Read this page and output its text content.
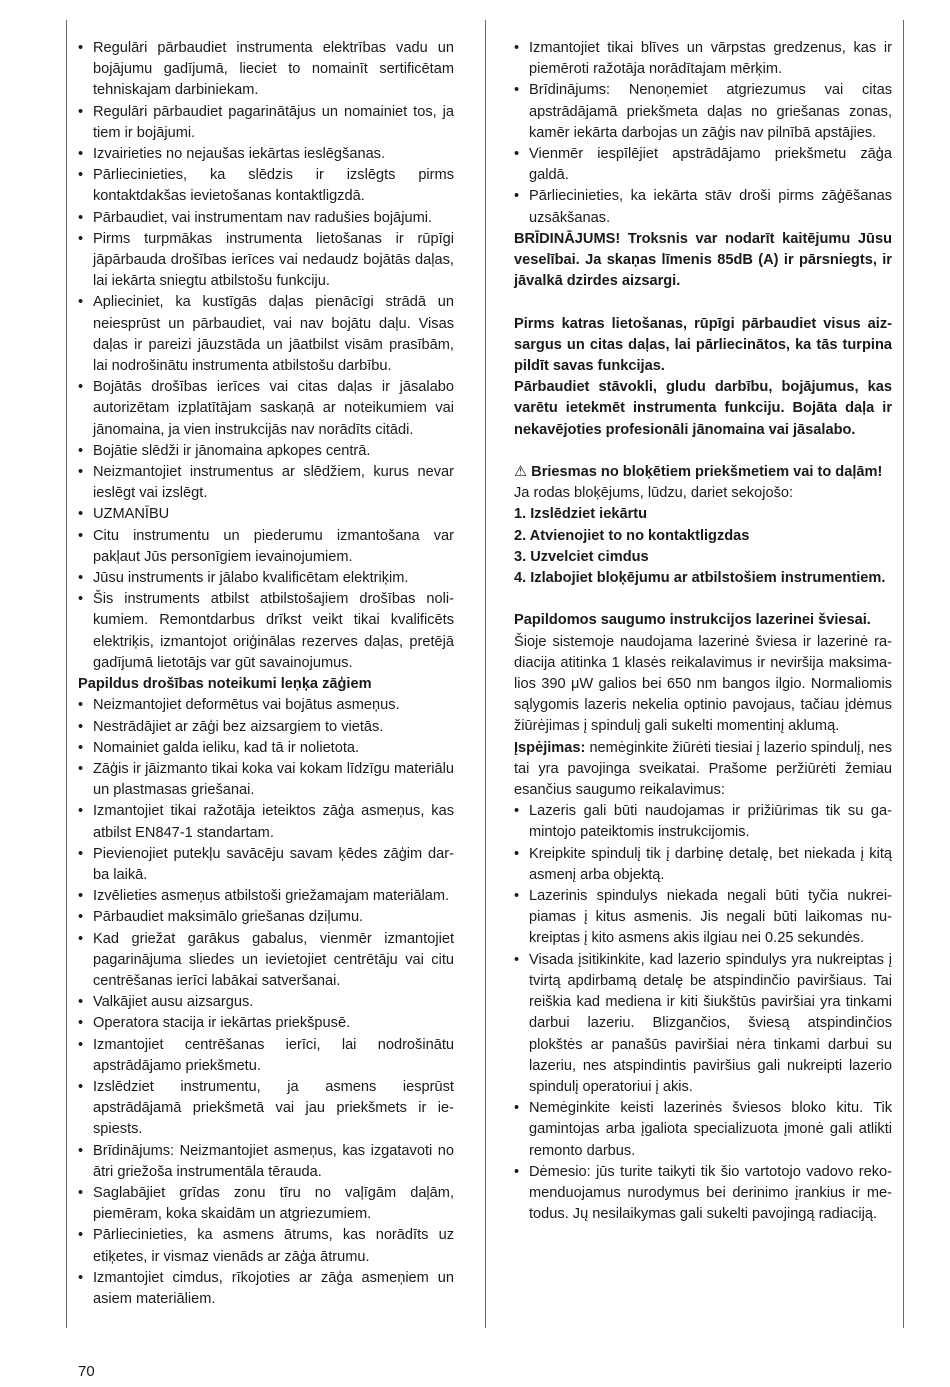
• Regulāri pārbaudiet instrumenta elektrības vadu un bojājumu gadījumā, lieciet to nomainīt sertificētam tehniskajam darbiniekam.
• Regulāri pārbaudiet pagarinātājus un nomainiet tos, ja tiem ir bojājumi.
• Izvairieties no nejaušas iekārtas ieslēgšanas.
• Pārliecinieties, ka slēdzis ir izslēgts pirms kontaktdakšas ievietošanas kontaktligzdā.
• Pārbaudiet, vai instrumentam nav radušies bojājumi.
• Pirms turpmākas instrumenta lietošanas ir rūpīgi jāpārbauda drošības ierīces vai nedaudz bojātās daļas, lai iekārta sniegtu atbilstošu funkciju.
• Aplieciniet, ka kustīgās daļas pienācīgi strādā un neiesprūst un pārbaudiet, vai nav bojātu daļu. Visas daļas ir pareizi jāuzstāda un jāatbilst visām prasībām, lai nodrošinātu instrumenta atbilstošu darbību.
• Bojātās drošības ierīces vai citas daļas ir jāsalabo autorizētam izplatītājam saskaņā ar noteikumiem vai jānomaina, ja vien instrukcijās nav norādīts citādi.
• Bojātie slēdži ir jānomaina apkopes centrā.
• Neizmantojiet instrumentus ar slēdžiem, kurus nevar ieslēgt vai izslēgt.
• UZMANĪBU
• Citu instrumentu un piederumu izmantošana var pakļaut Jūs personīgiem ievainojumiem.
• Jūsu instruments ir jālabo kvalificētam elektriķim.
• Šis instruments atbilst atbilstošajiem drošības nolikumiem. Remontdarbus drīkst veikt tikai kvalificēts elektriķis, izmantojot oriģinālas rezerves daļas, pretējā gadījumā lietotājs var gūt savainojumus.

Papildus drošības noteikumi leņķa zāģiem

• Neizmantojiet deformētus vai bojātus asmeņus.
• Nestrādājiet ar zāģi bez aizsargiem to vietās.
• Nomainiet galda ieliku, kad tā ir nolietota.
• Zāģis ir jāizmanto tikai koka vai kokam līdzīgu materiālu un plastmasas griešanai.
• Izmantojiet tikai ražotāja ieteiktos zāģa asmeņus, kas atbilst EN847-1 standartam.
• Pievienojiet putekļu savācēju savam ķēdes zāģim darba laikā.
• Izvēlieties asmeņus atbilstoši griežamajam materiālam.
• Pārbaudiet maksimālo griešanas dziļumu.
• Kad griežat garākus gabalus, vienmēr izmantojiet pagarinājuma sliedes un ievietojiet centrētāju vai citu centrēšanas ierīci labākai satveršanai.
• Valkājiet ausu aizsargus.
• Operatora stacija ir iekārtas priekšpusē.
• Izmantojiet centrēšanas ierīci, lai nodrošinātu apstrādājamo priekšmetu.
• Izslēdziet instrumentu, ja asmens iesprūst apstrādājamā priekšmetā vai jau priekšmets ir iespiests.
• Brīdinājums: Neizmantojiet asmeņus, kas izgatavoti no ātri griežoša instrumentāla tērauda.
• Saglabājiet grīdas zonu tīru no vaļīgām daļām, piemēram, koka skaidām un atgriezumiem.
• Pārliecinieties, ka asmens ātrums, kas norādīts uz etiķetes, ir vismaz vienāds ar zāģa ātrumu.
• Izmantojiet cimdus, rīkojoties ar zāģa asmeņiem un asiem materiāliem.
• Izmantojiet tikai blīves un vārpstas gredzenus, kas ir piemēroti ražotāja norādītajam mērķim.
• Brīdinājums: Nenoņemiet atgriezumus vai citas apstrādājamā priekšmeta daļas no griešanas zonas, kamēr iekārta darbojas un zāģis nav pilnībā apstājies.
• Vienmēr iespīlējiet apstrādājamo priekšmetu zāģa galdā.
• Pārliecinieties, ka iekārta stāv droši pirms zāģēšanas uzsākšanas.

BRĪDINĀJUMS! Troksnis var nodarīt kaitējumu Jūsu veselībai. Ja skaņas līmenis 85dB (A) ir pārsniegts, ir jāvalkā dzirdes aizsargi.

Pirms katras lietošanas, rūpīgi pārbaudiet visus aizsargus un citas daļas, lai pārliecinātos, ka tās turpina pildīt savas funkcijas.

Pārbaudiet stāvokli, gludu darbību, bojājumus, kas varētu ietekmēt instrumenta funkciju. Bojāta daļa ir nekavējoties profesionāli jānomaina vai jāsalabo.

⚠ Briesmas no bloķētiem priekšmetiem vai to daļām!

Ja rodas bloķējums, lūdzu, dariet sekojošo:

1. Izslēdziet iekārtu

2. Atvienojiet to no kontaktligzdas

3. Uzvelciet cimdus

4. Izlabojiet bloķējumu ar atbilstošiem instrumentiem.

Papildomos saugumo instrukcijos lazerinei šviesai.

Šioje sistemoje naudojama lazerinė šviesa ir lazerinė radiacija atitinka 1 klasės reikalavimus ir neviršija maksimalios 390 μW galios bei 650 nm bangos ilgio. Normaliomis sąlygomis lazeris nekelia optinio pavojaus, tačiau įdėmus žiūrėjimas į spindulį gali sukelti momentinį aklumą.

Įspėjimas: nemėginkite žiūrėti tiesiai į lazerio spindulį, nes tai yra pavojinga sveikatai. Prašome peržiūrėti žemiau esančius saugumo reikalavimus:

• Lazeris gali būti naudojamas ir prižiūrimas tik su gamintojo pateiktomis instrukcijomis.
• Kreipkite spindulį tik į darbinę detalę, bet niekada į kitą asmenį arba objektą.
• Lazerinis spindulys niekada negali būti tyčia nukreipiamas į kitus asmenis. Jis negali būti laikomas nukreiptas į kito asmens akis ilgiau nei 0.25 sekundės.
• Visada įsitikinkite, kad lazerio spindulys yra nukreiptas į tvirtą apdirbamą detalę be atspindinčio paviršiaus. Tai reiškia kad mediena ir kiti šiukštūs paviršiai yra tinkami darbui lazeriu. Blizgančios, šviesą atspindinčios plokštės ar panašūs paviršiai nėra tinkami darbui su lazeriu, nes atspindintis paviršius gali nukreipti lazerio spindulį operatoriui į akis.
• Nemėginkite keisti lazerinės šviesos bloko kitu. Tik gamintojas arba įgaliota specializuota įmonė gali atlikti remonto darbus.
• Dėmesio: jūs turite taikyti tik šio vartotojo vadovo rekomenduojamus nurodymus bei derinimo įrankius ir metodus. Jų nesilaikymas gali sukelti pavojingą radiaciją.
70
